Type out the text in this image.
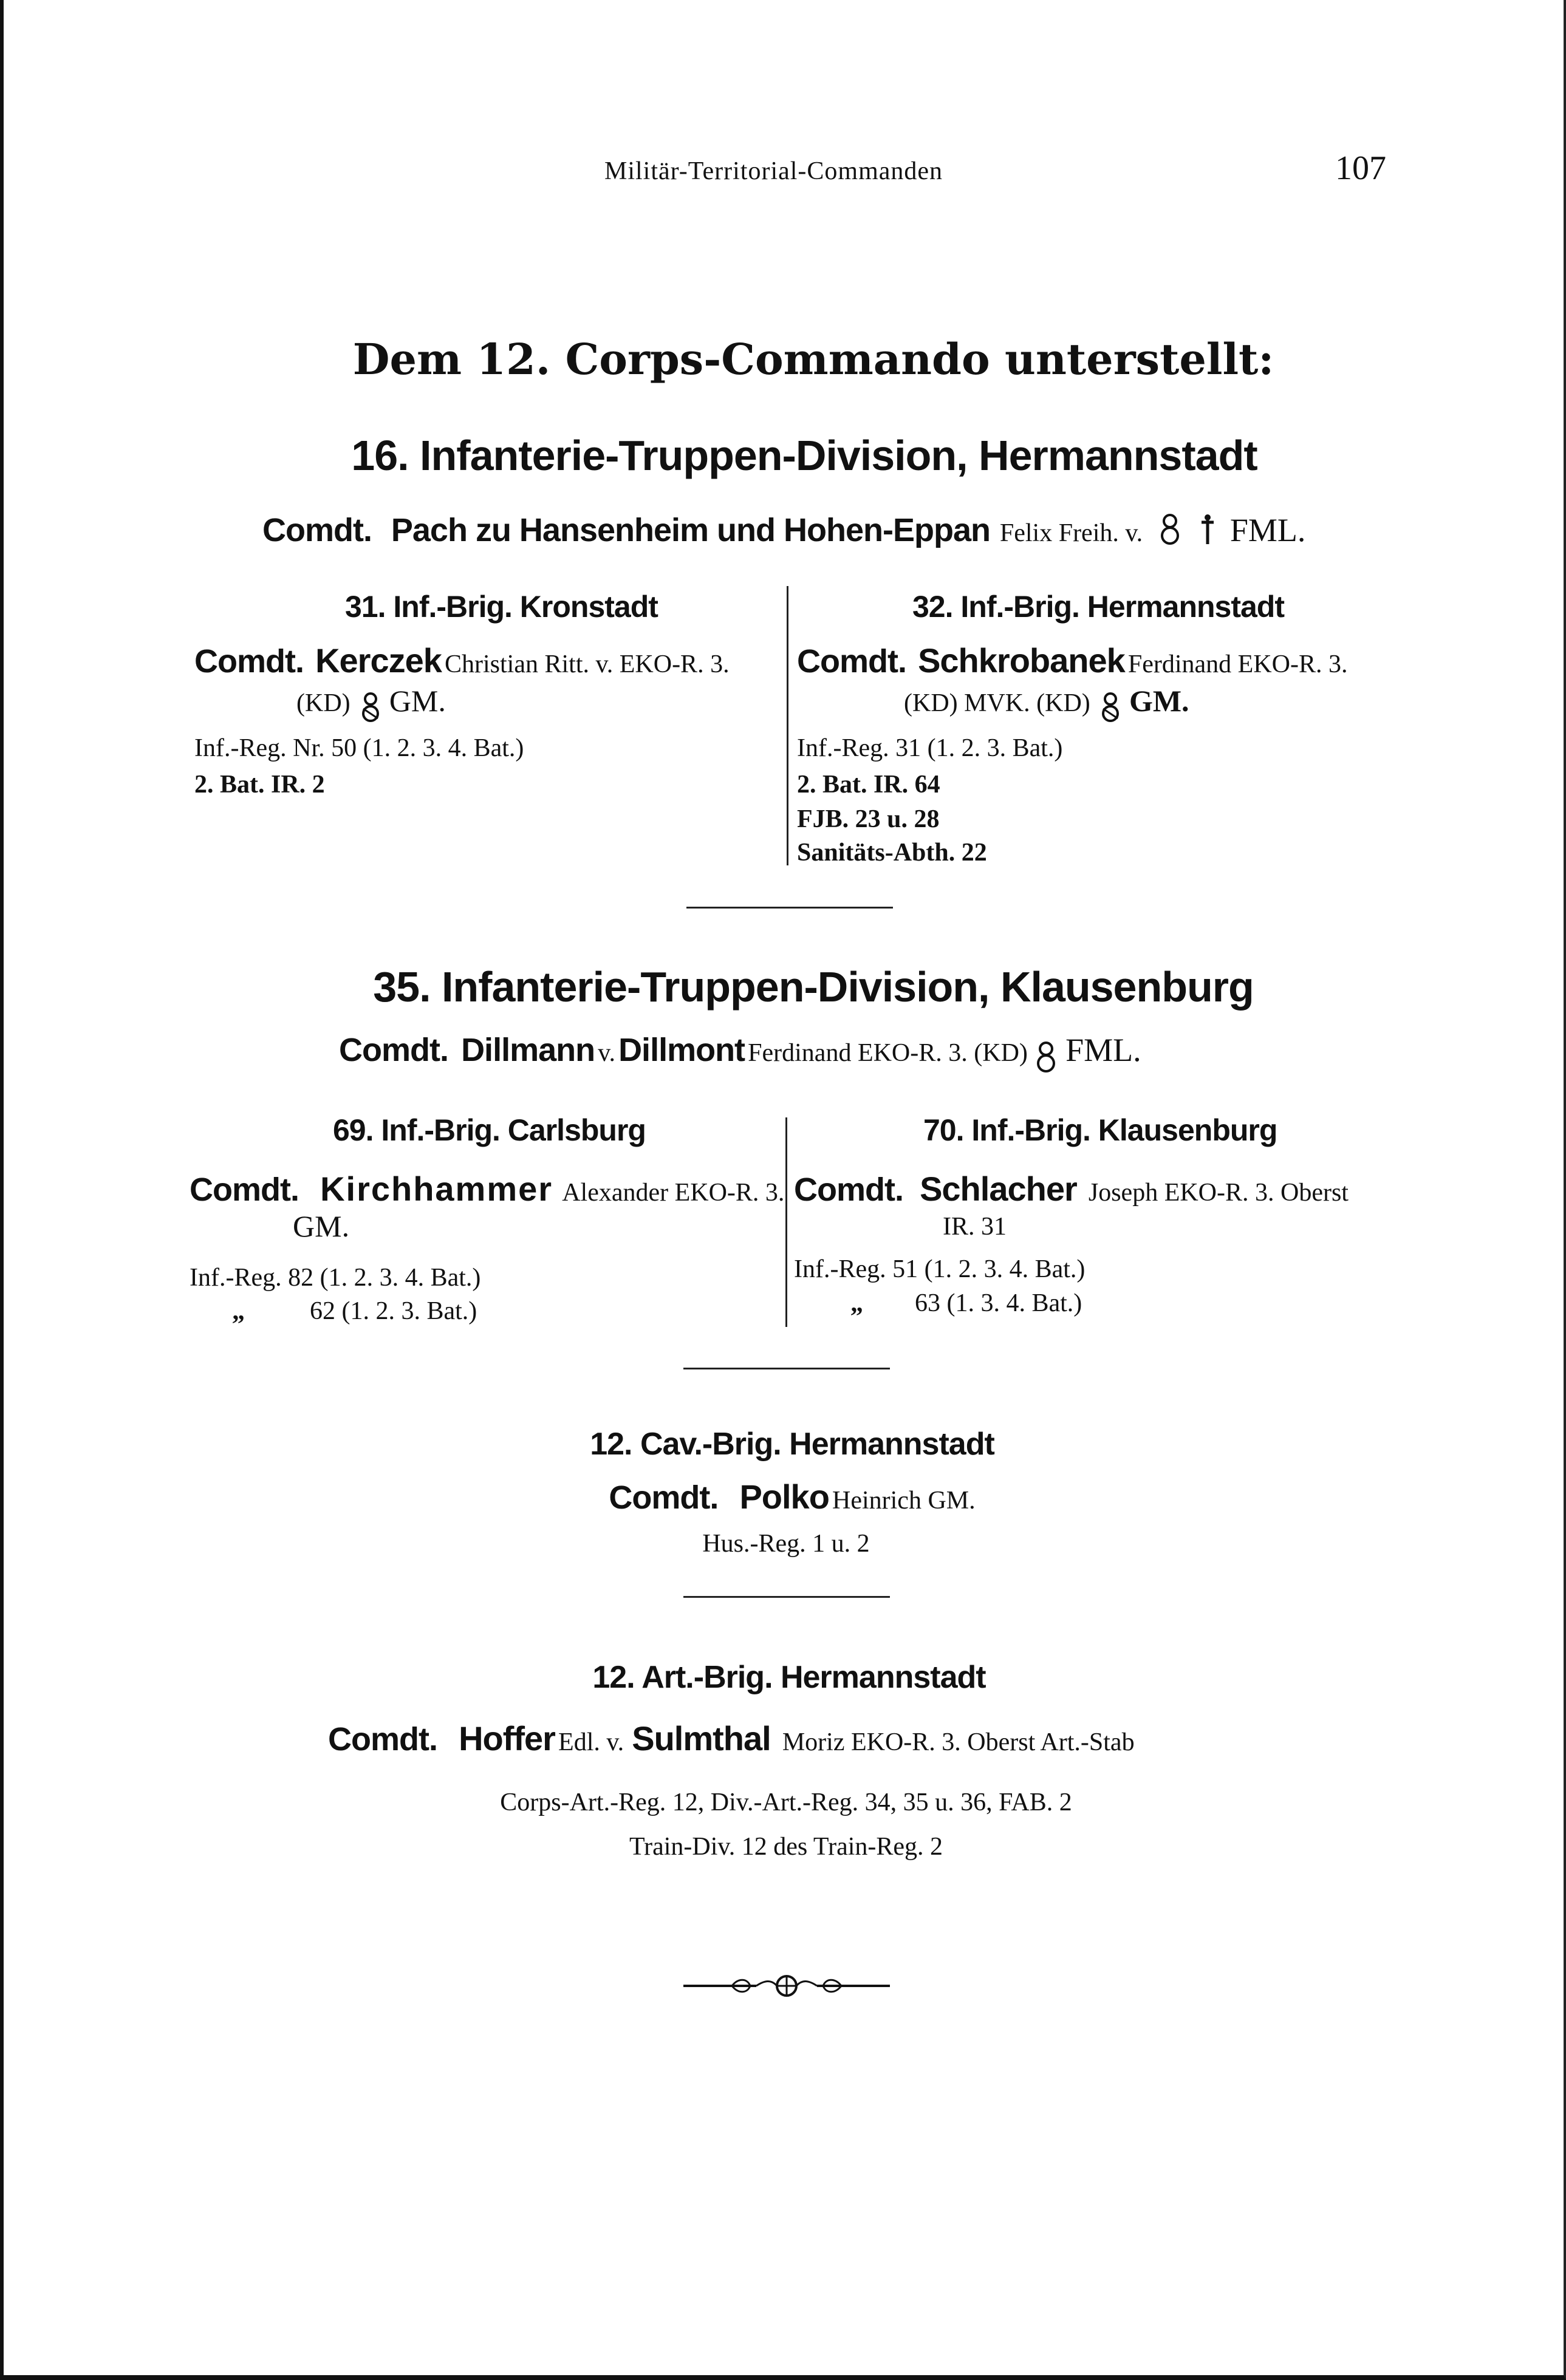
Militär-Territorial-Commanden	107
Dem 12. Corps-Commando unterstellt:
16. Infanterie-Truppen-Division, Hermannstadt
Comdt. Pach zu Hansenheim und Hohen-Eppan Felix Freih. v.	FML.
31. Inf.-Brig. Kronstadt
Comdt. Kerczek Christian Ritt. v. EKO-R. 3.
(KD) GM.
Inf.-Reg. Nr. 50 (1. 2. 3. 4. Bat.)
2. Bat. IR. 2
32. Inf.-Brig. Hermannstadt
Comdt. Schkrobanek Ferdinand EKO-R. 3.
(KD) MVK. (KD) GM.
Inf.-Reg. 31 (1. 2. 3. Bat.)
2. Bat. IR. 64
FJB. 23 u. 28
Sanitäts-Abth. 22
35. Infanterie-Truppen-Division, Klausenburg
Comdt. Dillmann v. Dillmont Ferdinand EKO-R. 3. (KD) FML.
69. Inf.-Brig. Carlsburg
Comdt. Kirchhammer Alexander EKO-R. 3.
GM.
Inf.-Reg. 82 (1. 2. 3. 4. Bat.)
„	62 (1. 2. 3. Bat.)
70. Inf.-Brig. Klausenburg
Comdt. Schlacher Joseph EKO-R. 3. Oberst
IR. 31
Inf.-Reg. 51 (1. 2. 3. 4. Bat.)
„ 63 (1. 3. 4. Bat.)
12. Cav.-Brig. Hermannstadt
Comdt. Polko Heinrich GM.
Hus.-Reg. 1 u. 2
12. Art.-Brig. Hermannstadt
Comdt. Hoffer Edl. v. Sulmthal Moriz EKO-R. 3. Oberst Art.-Stab
Corps-Art.-Reg. 12, Div.-Art.-Reg. 34, 35 u. 36, FAB. 2
Train-Div. 12 des Train-Reg. 2
